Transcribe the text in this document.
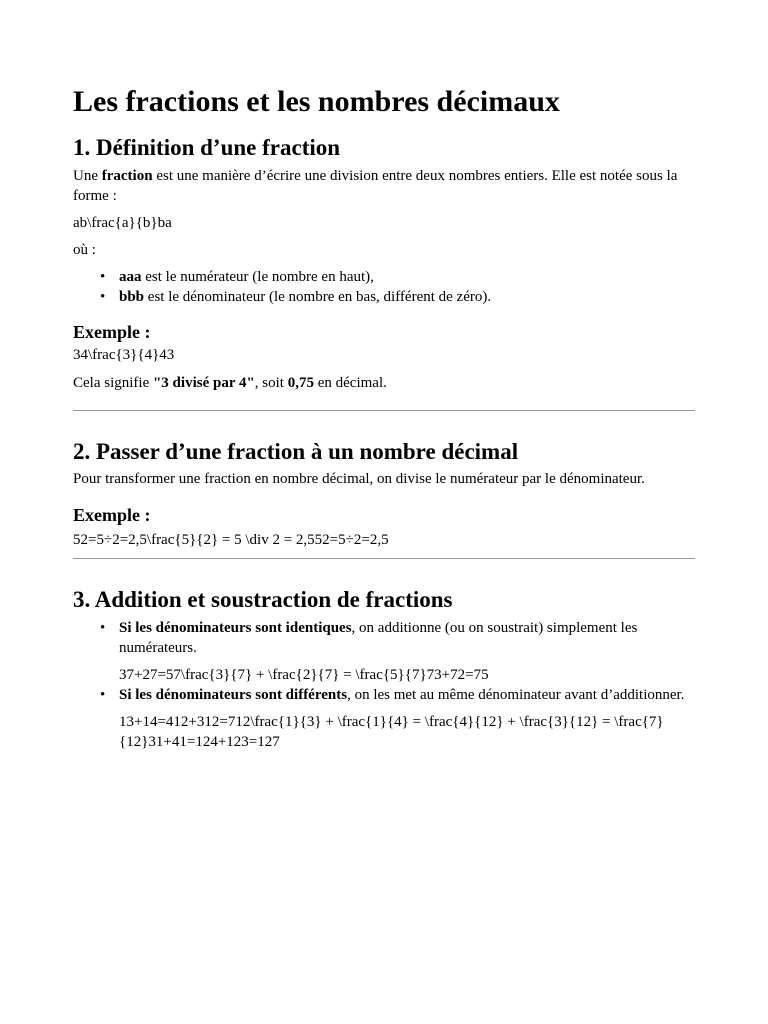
Les fractions et les nombres décimaux
1. Définition d’une fraction

Une fraction est une manière d’écrire une division entre deux nombres entiers. Elle est notée sous la forme :

ab\frac{a}{b}ba

où :

• aaa est le numérateur (le nombre en haut),
• bbb est le dénominateur (le nombre en bas, différent de zéro).
Exemple :

34\frac{3}{4}43

Cela signifie "3 divisé par 4", soit 0,75 en décimal.

2. Passer d’une fraction à un nombre décimal

Pour transformer une fraction en nombre décimal, on divise le numérateur par le dénominateur.

Exemple :

52=5÷2=2,5\frac{5}{2} = 5 \div 2 = 2,552=5÷2=2,5

3. Addition et soustraction de fractions
• Si les dénominateurs sont identiques, on additionne (ou on soustrait) simplement les numérateurs.

37+27=57\frac{3}{7} + \frac{2}{7} = \frac{5}{7}73+72=75

• Si les dénominateurs sont différents, on les met au même dénominateur avant d’additionner.

13+14=412+312=712\frac{1}{3} + \frac{1}{4} = \frac{4}{12} + \frac{3}{12} = \frac{7}{12}31+41=124+123=127
